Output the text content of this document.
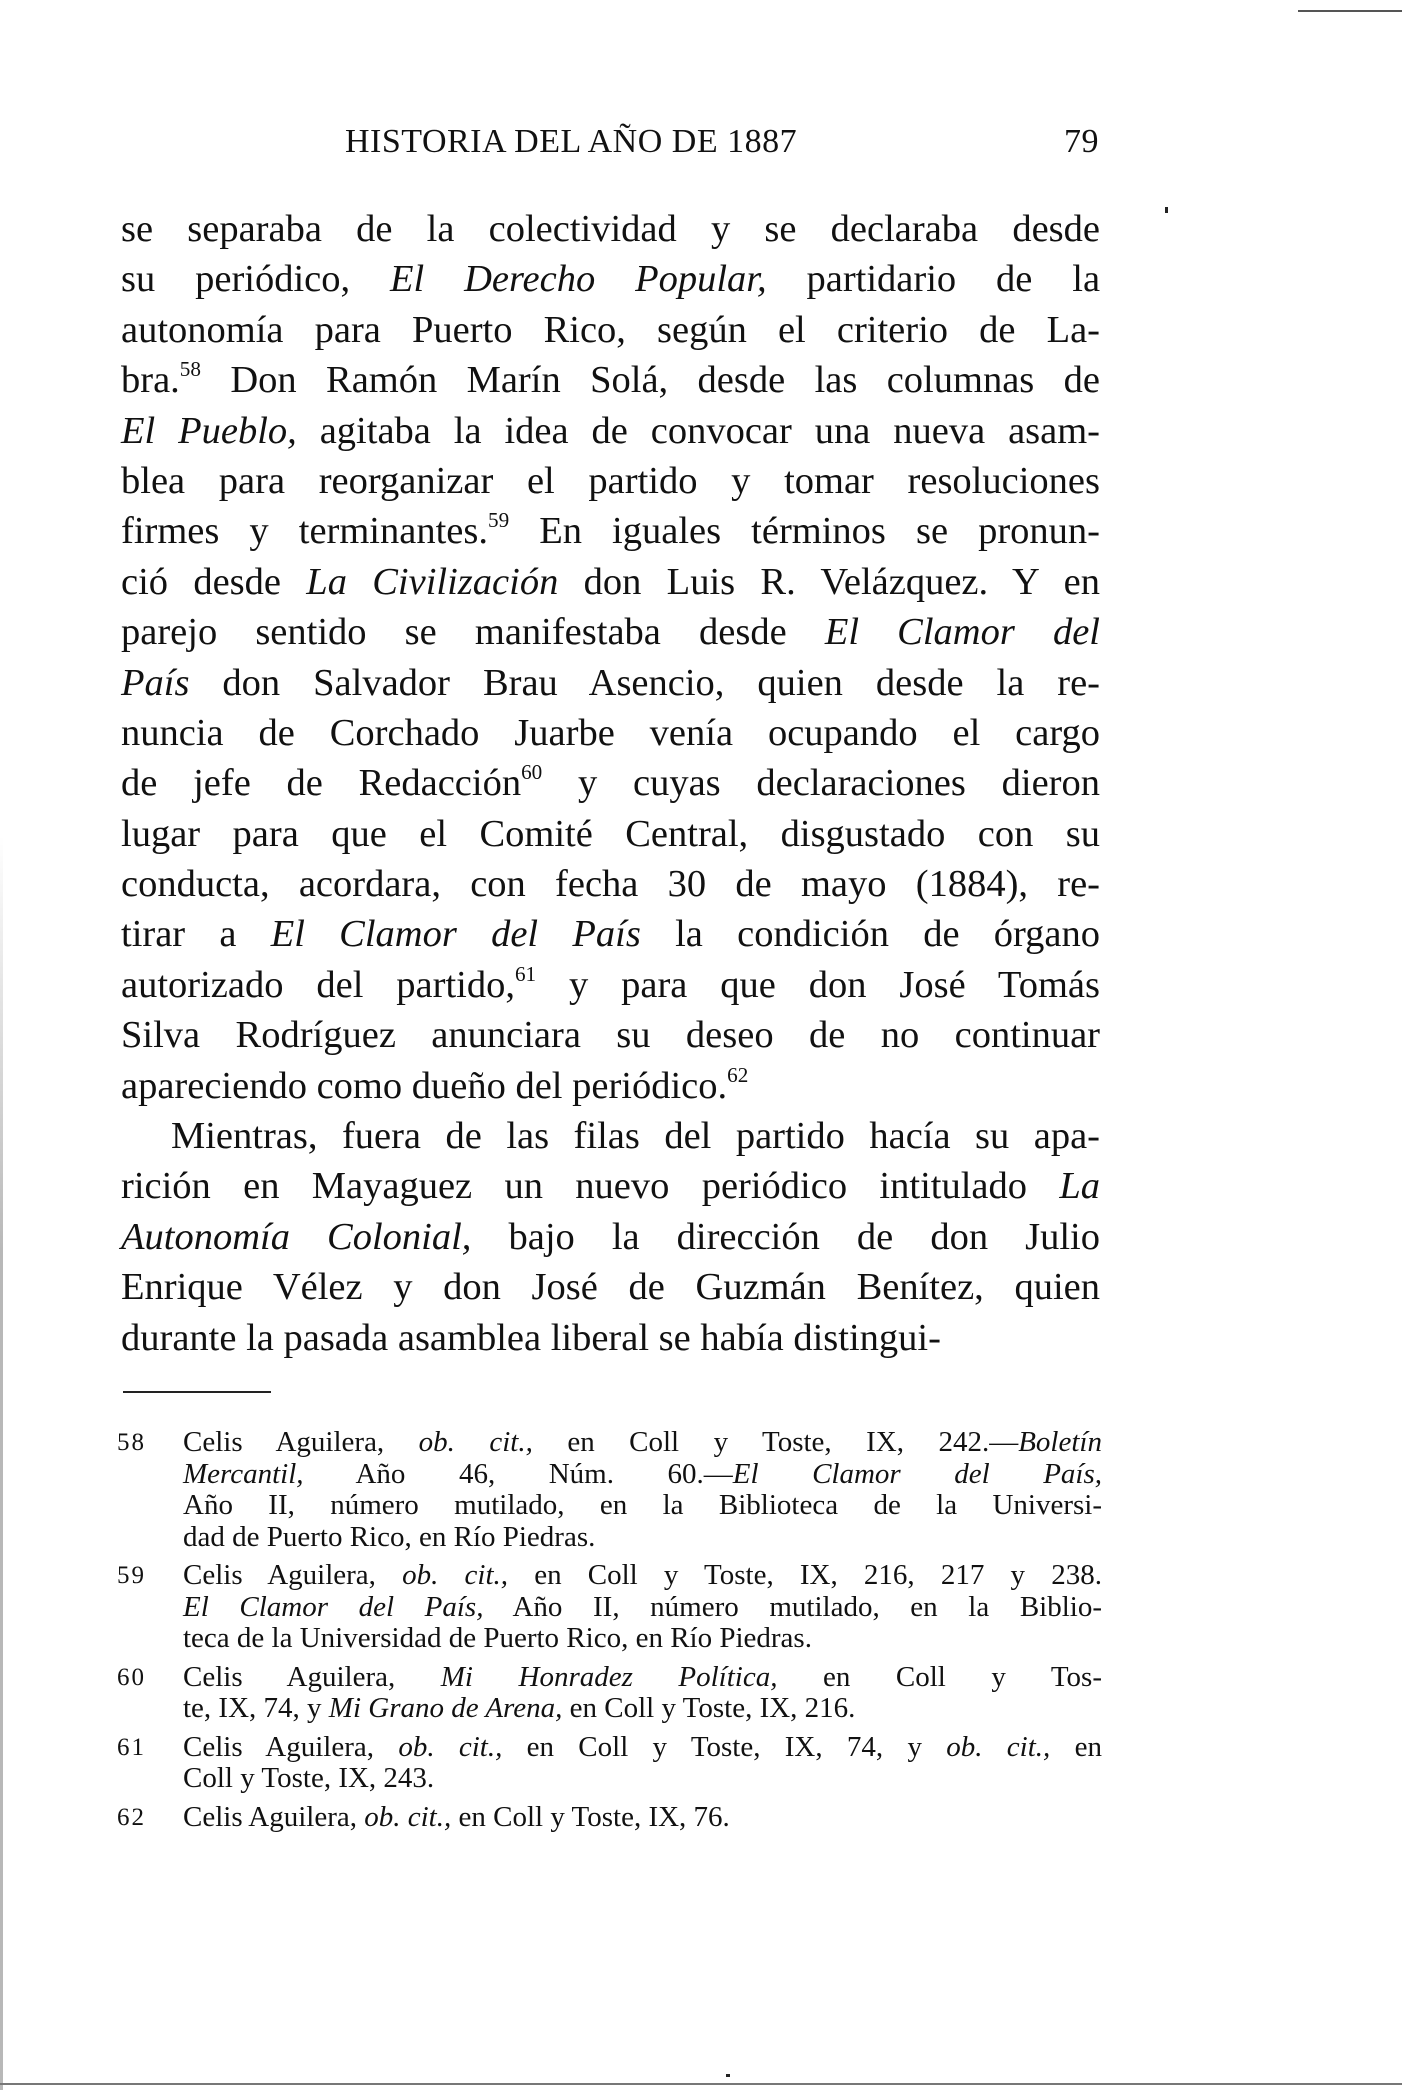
HISTORIA DEL AÑO DE 1887	79
se separaba de la colectividad y se declaraba desde
su periódico, El Derecho Popular, partidario de la
autonomía para Puerto Rico, según el criterio de La-
bra.$^{58}$ Don Ramón Marín Solá, desde las columnas de
El Pueblo, agitaba la idea de convocar una nueva asam-
blea para reorganizar el partido y tomar resoluciones
firmes y terminantes.$^{59}$ En iguales términos se pronun-
ció desde La Civilización don Luis R. Velázquez. Y en
parejo sentido se manifestaba desde El Clamor del
País don Salvador Brau Asencio, quien desde la re-
nuncia de Corchado Juarbe venía ocupando el cargo
de jefe de Redacción$^{60}$ y cuyas declaraciones dieron
lugar para que el Comité Central, disgustado con su
conducta, acordara, con fecha 30 de mayo (1884), re-
tirar a El Clamor del País la condición de órgano
autorizado del partido,$^{61}$ y para que don José Tomás
Silva Rodríguez anunciara su deseo de no continuar
apareciendo como dueño del periódico.$^{62}$
Mientras, fuera de las filas del partido hacía su apa-
rición en Mayaguez un nuevo periódico intitulado La
Autonomía Colonial, bajo la dirección de don Julio
Enrique Vélez y don José de Guzmán Benítez, quien
durante la pasada asamblea liberal se había distingui-
58	Celis Aguilera, ob. cit., en Coll y Toste, IX, 242.—Boletín
Mercantil, Año 46, Núm. 60.—El Clamor del País,
Año II, número mutilado, en la Biblioteca de la Universi-
dad de Puerto Rico, en Río Piedras.
59	Celis Aguilera, ob. cit., en Coll y Toste, IX, 216, 217 y 238.
El Clamor del País, Año II, número mutilado, en la Biblio-
teca de la Universidad de Puerto Rico, en Río Piedras.
60	Celis Aguilera, Mi Honradez Política, en Coll y Tos-
te, IX, 74, y Mi Grano de Arena, en Coll y Toste, IX, 216.
61	Celis Aguilera, ob. cit., en Coll y Toste, IX, 74, y ob. cit., en
Coll y Toste, IX, 243.
62	Celis Aguilera, ob. cit., en Coll y Toste, IX, 76.
